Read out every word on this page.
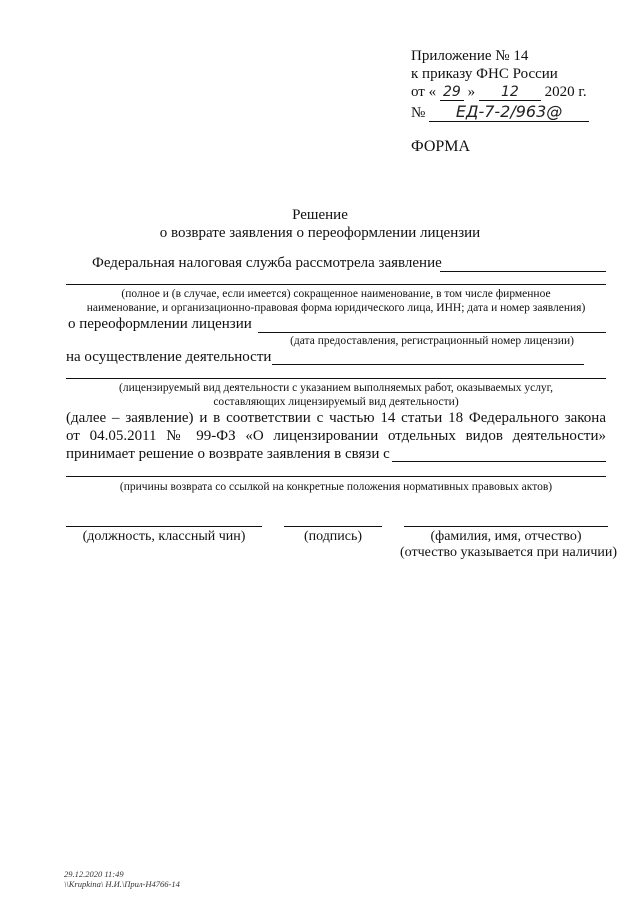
Приложение № 14
к приказу ФНС России
от « 29 » 12 2020 г.
№ ЕД-7-2/963@
ФОРМА
Решение
о возврате заявления о переоформлении лицензии
Федеральная налоговая служба рассмотрела заявление
(полное и (в случае, если имеется) сокращенное наименование, в том числе фирменное
наименование, и организационно-правовая форма юридического лица, ИНН; дата и номер заявления)
о переоформлении лицензии
(дата предоставления, регистрационный номер лицензии)
на осуществление деятельности
(лицензируемый вид деятельности с указанием выполняемых работ, оказываемых услуг,
составляющих лицензируемый вид деятельности)
(далее – заявление) и в соответствии с частью 14 статьи 18 Федерального закона
от 04.05.2011 № 99-ФЗ «О лицензировании отдельных видов деятельности»
принимает решение о возврате заявления в связи с
(причины возврата со ссылкой на конкретные положения нормативных правовых актов)
(должность, классный чин)	(подпись)	(фамилия, имя, отчество)
(отчество указывается при наличии)
29.12.2020 11:49
\\Krupkina\ Н.И.\Прил-Н4766-14
